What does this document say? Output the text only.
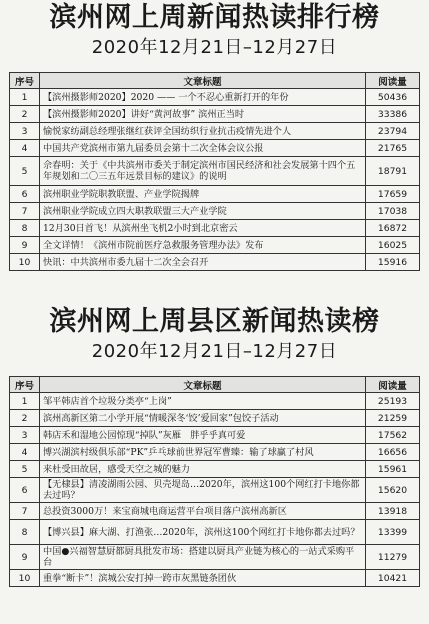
滨州网上周新闻热读排行榜
2020年12月21日–12月27日
序号	文章标题	阅读量
1	【滨州摄影师2020】2020 —— 一个不忍心重新打开的年份	50436
2	【滨州摄影师2020】讲好“黄河故事” 滨州正当时	33386
3	愉悦家纺副总经理张继红获评全国纺织行业抗击疫情先进个人	23794
4	中国共产党滨州市第九届委员会第十二次全体会议公报	21765
5	佘春明：关于《中共滨州市委关于制定滨州市国民经济和社会发展第十四个五年规划和二〇三五年远景目标的建议》的说明	18791
6	滨州职业学院职教联盟、产业学院揭牌	17659
7	滨州职业学院成立四大职教联盟三大产业学院	17038
8	12月30日首飞！从滨州坐飞机2小时到北京密云	16872
9	全文详情！《滨州市院前医疗急救服务管理办法》发布	16025
10	快讯：中共滨州市委九届十二次全会召开	15916
滨州网上周县区新闻热读榜
2020年12月21日–12月27日
序号	文章标题	阅读量
1	邹平韩店首个垃圾分类亭“上岗”	25193
2	滨州高新区第二小学开展“情暖深冬‘饺’爱回家”包饺子活动	21259
3	韩店禾和湿地公园惊现“掉队”灰雁　胖乎乎真可爱	17562
4	博兴湖滨村级俱乐部“PK”乒乓球前世界冠军曹臻：输了球赢了村风	16656
5	来杜受田故居，感受天空之城的魅力	15961
6	【无棣县】清凌湖雨公园、贝壳堤岛…2020年，滨州这100个网红打卡地你都去过吗？	15620
7	总投资3000万！来宝商城电商运营平台项目落户滨州高新区	13918
8	【博兴县】麻大湖、打渔张…2020年，滨州这100个网红打卡地你都去过吗？	13399
9	中国●兴福智慧厨都厨具批发市场：搭建以厨具产业链为核心的一站式采购平台	11279
10	重拳“断卡”！滨城公安打掉一跨市灰黑链条团伙	10421
